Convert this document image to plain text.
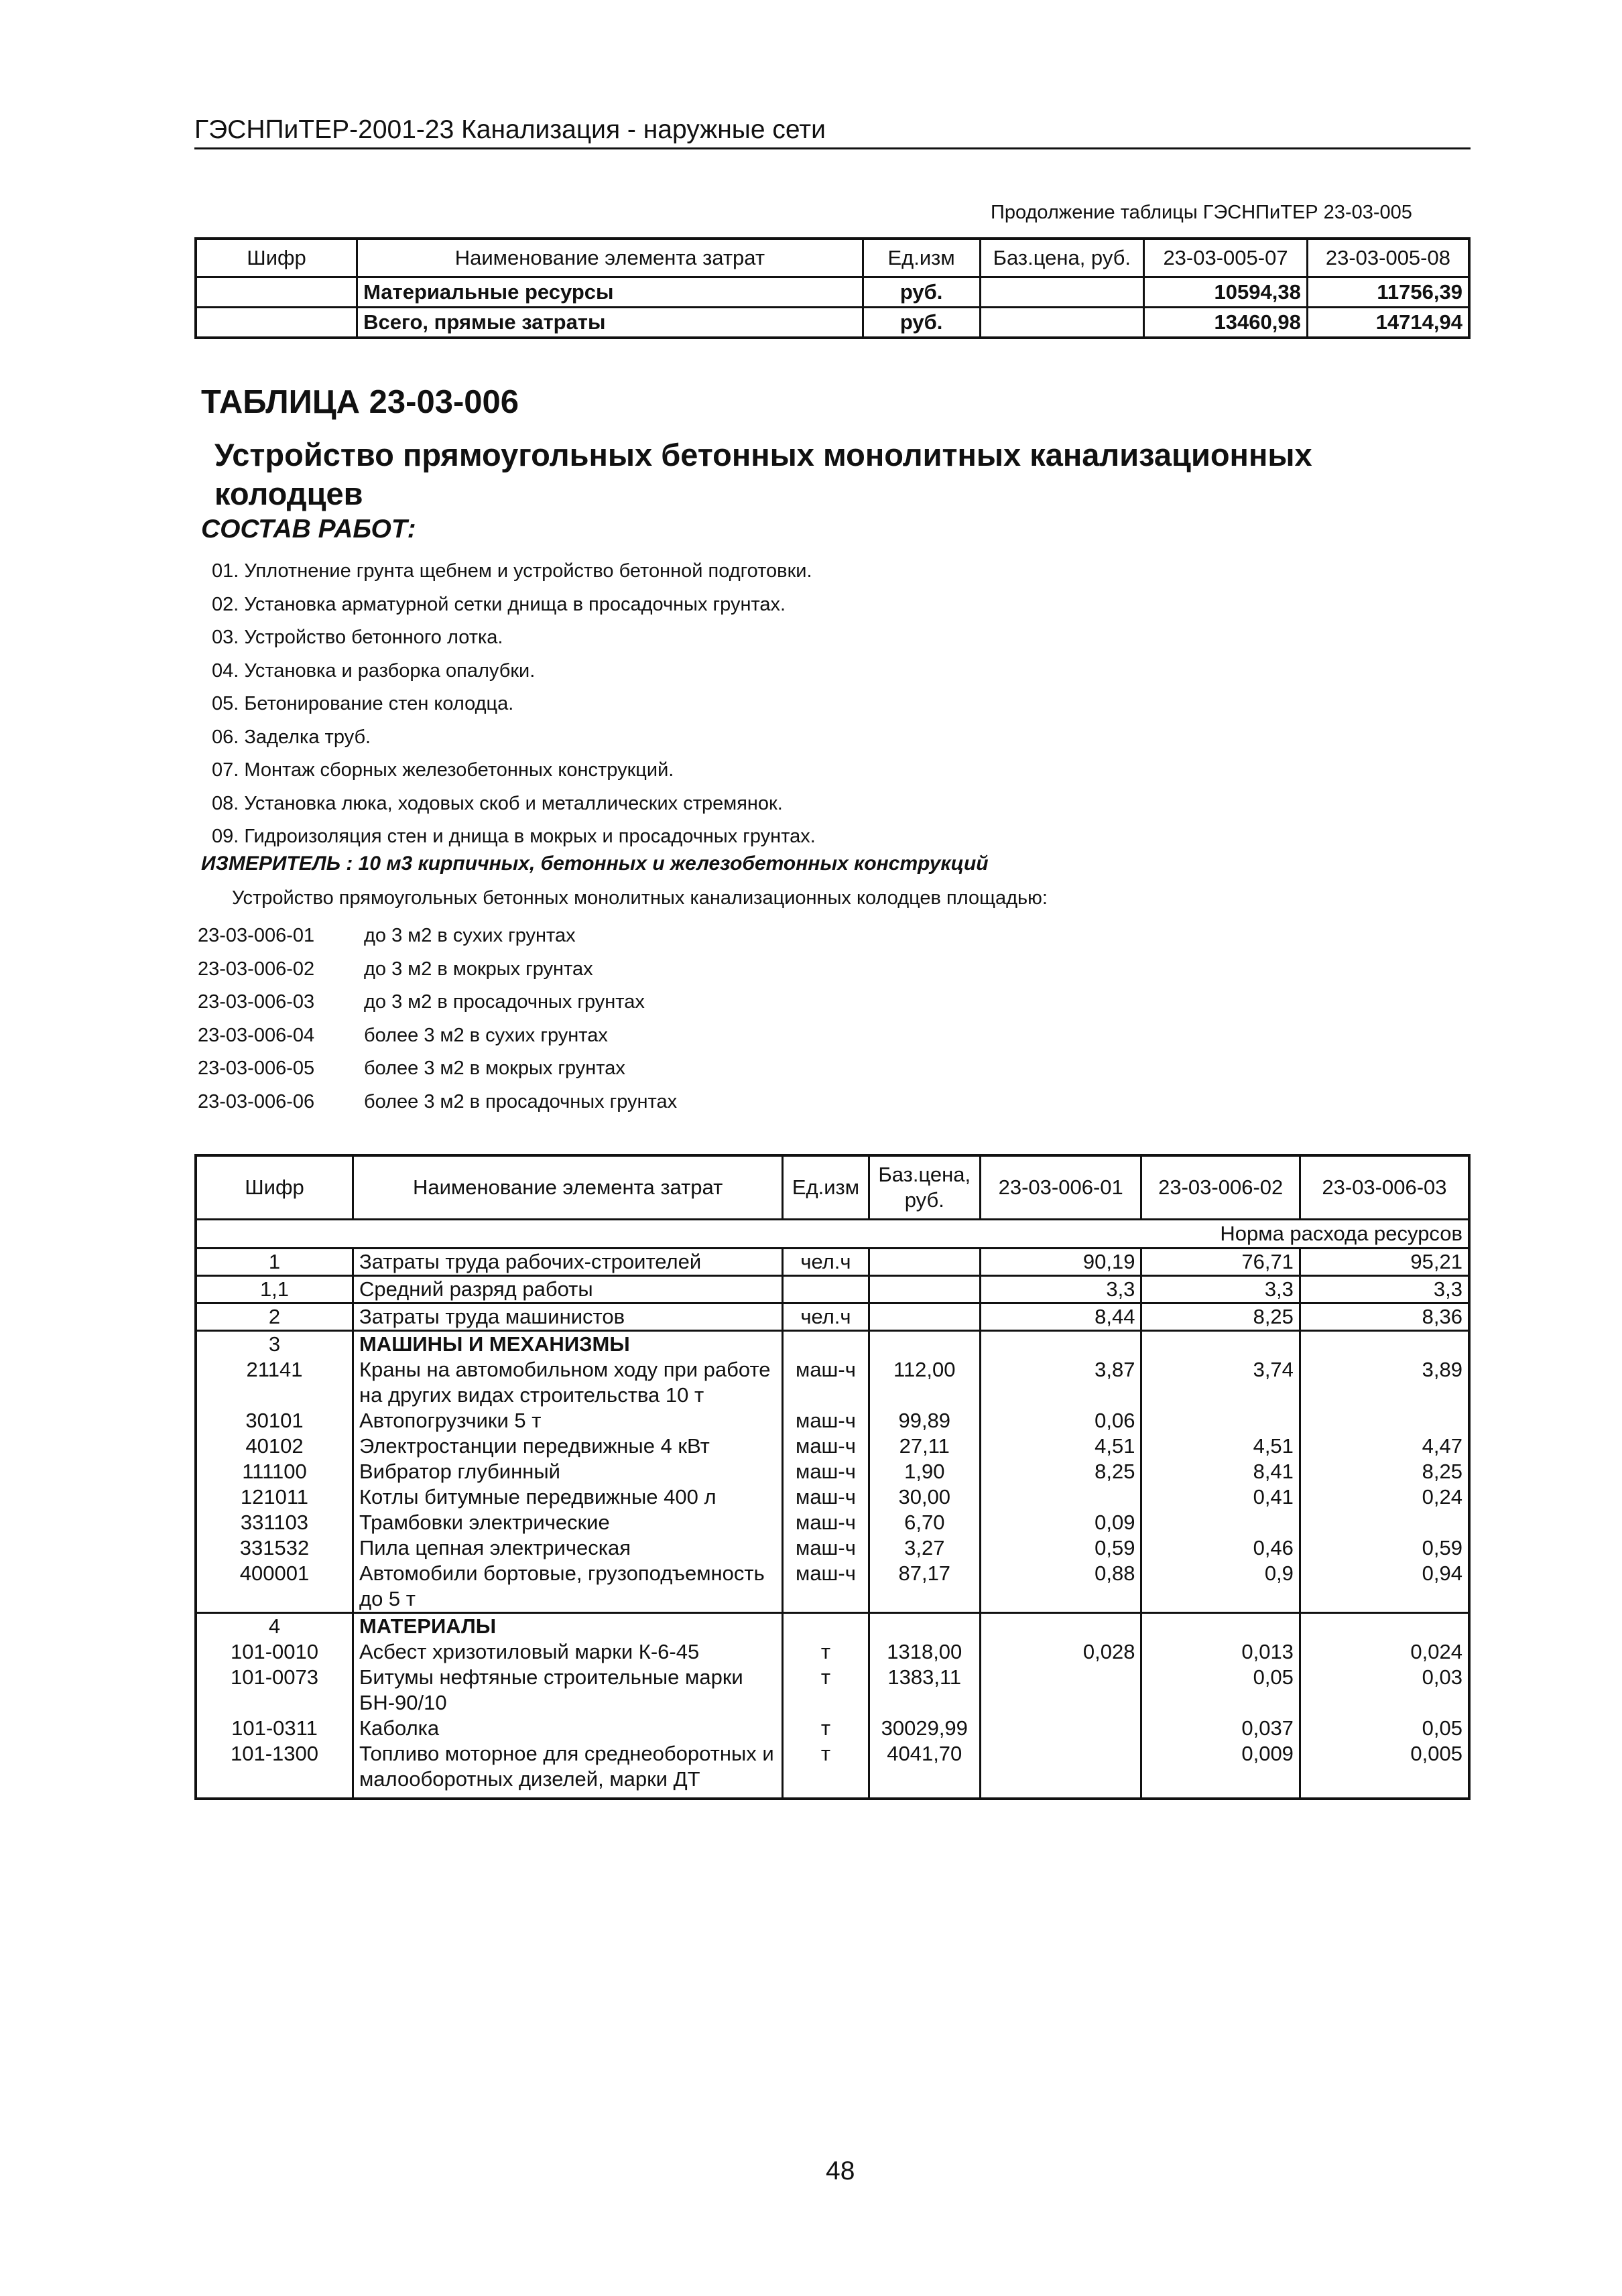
ГЭСНПиТЕР-2001-23 Канализация - наружные сети
Продолжение таблицы ГЭСНПиТЕР 23-03-005
Шифр	Наименование элемента затрат	Ед.изм	Баз.цена, руб.	23-03-005-07	23-03-005-08
	Материальные ресурсы	руб.		10594,38	11756,39
	Всего, прямые затраты	руб.		13460,98	14714,94
ТАБЛИЦА 23-03-006
Устройство прямоугольных бетонных монолитных канализационных колодцев
СОСТАВ РАБОТ:
01. Уплотнение грунта щебнем и устройство бетонной подготовки.
02. Установка арматурной сетки днища в просадочных грунтах.
03. Устройство бетонного лотка.
04. Установка и разборка опалубки.
05. Бетонирование стен колодца.
06. Заделка труб.
07. Монтаж сборных железобетонных конструкций.
08. Установка люка, ходовых скоб и металлических стремянок.
09. Гидроизоляция стен и днища в мокрых и просадочных грунтах.
ИЗМЕРИТЕЛЬ : 10 м3 кирпичных, бетонных и железобетонных конструкций
Устройство прямоугольных бетонных монолитных канализационных колодцев площадью:
23-03-006-01	до 3 м2 в сухих грунтах
23-03-006-02	до 3 м2 в мокрых грунтах
23-03-006-03	до 3 м2 в просадочных грунтах
23-03-006-04	более 3 м2 в сухих грунтах
23-03-006-05	более 3 м2 в мокрых грунтах
23-03-006-06	более 3 м2 в просадочных грунтах
Шифр	Наименование элемента затрат	Ед.изм	Баз.цена, руб.	23-03-006-01	23-03-006-02	23-03-006-03
Норма расхода ресурсов						
1	Затраты труда рабочих-строителей	чел.ч		90,19	76,71	95,21
1,1	Средний разряд работы			3,3	3,3	3,3
2	Затраты труда машинистов	чел.ч		8,44	8,25	8,36
3	МАШИНЫ И МЕХАНИЗМЫ					
21141	Краны на автомобильном ходу при работе на других видах строительства 10 т	маш-ч	112,00	3,87	3,74	3,89
30101	Автопогрузчики 5 т	маш-ч	99,89	0,06		
40102	Электростанции передвижные 4 кВт	маш-ч	27,11	4,51	4,51	4,47
111100	Вибратор глубинный	маш-ч	1,90	8,25	8,41	8,25
121011	Котлы битумные передвижные 400 л	маш-ч	30,00		0,41	0,24
331103	Трамбовки электрические	маш-ч	6,70	0,09		
331532	Пила цепная электрическая	маш-ч	3,27	0,59	0,46	0,59
400001	Автомобили бортовые, грузоподъемность до 5 т	маш-ч	87,17	0,88	0,9	0,94
4	МАТЕРИАЛЫ					
101-0010	Асбест хризотиловый марки К-6-45	т	1318,00	0,028	0,013	0,024
101-0073	Битумы нефтяные строительные марки БН-90/10	т	1383,11		0,05	0,03
101-0311	Каболка	т	30029,99		0,037	0,05
101-1300	Топливо моторное для среднеоборотных и малооборотных дизелей, марки ДТ	т	4041,70		0,009	0,005
48
